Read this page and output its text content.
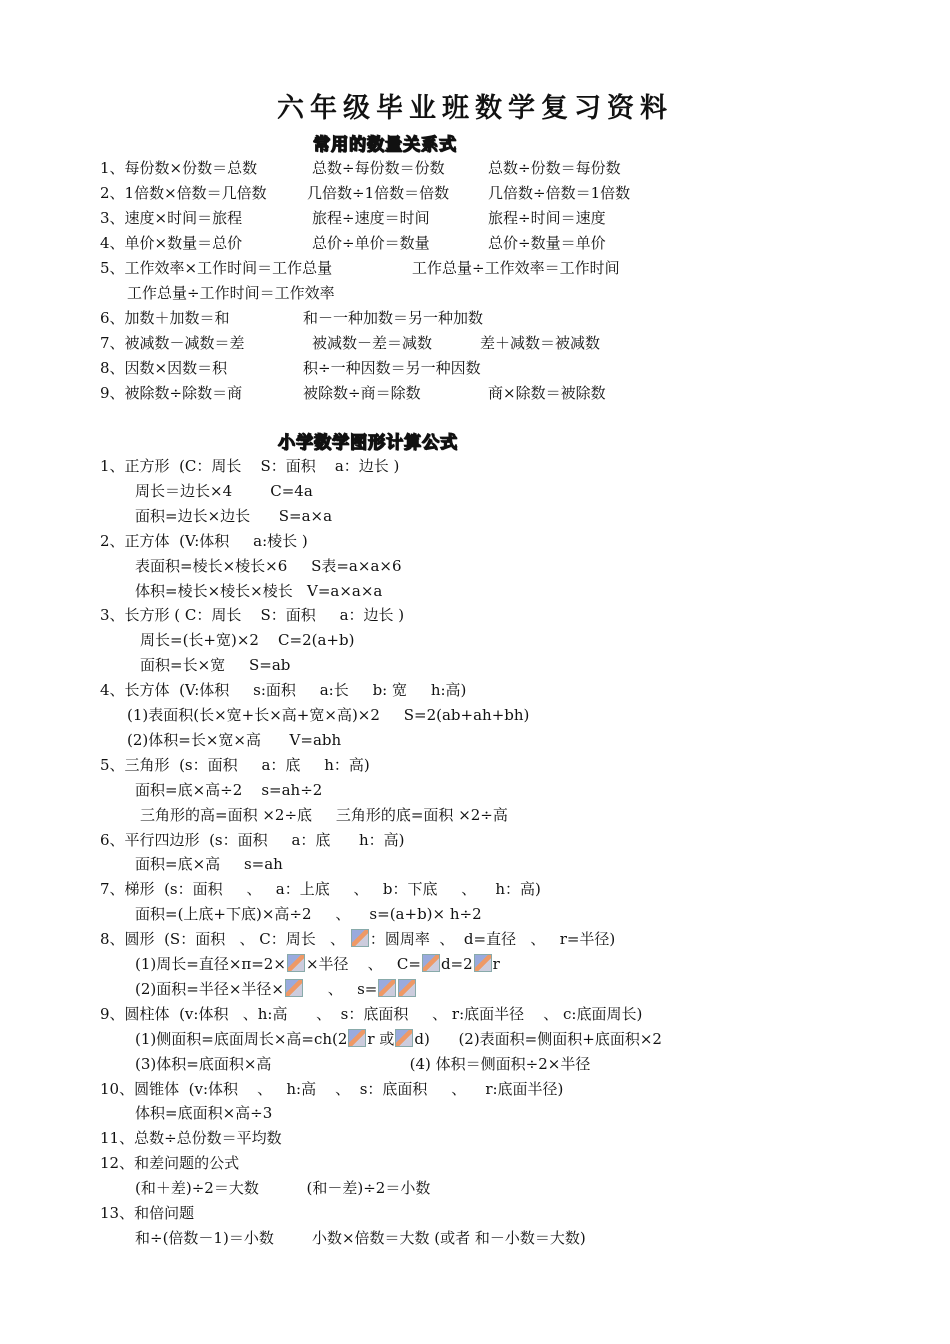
六年级毕业班数学复习资料
常用的数量关系式
1、每份数×份数＝总数	总数÷每份数＝份数	总数÷份数＝每份数
2、1倍数×倍数＝几倍数	几倍数÷1倍数＝倍数	几倍数÷倍数＝1倍数
3、速度×时间＝旅程	旅程÷速度＝时间	旅程÷时间＝速度
4、单价×数量＝总价	总价÷单价＝数量	总价÷数量＝单价
5、工作效率×工作时间＝工作总量	工作总量÷工作效率＝工作时间
工作总量÷工作时间＝工作效率
6、加数＋加数＝和	和－一种加数＝另一种加数
7、被减数－减数＝差	被减数－差＝减数	差＋减数＝被减数
8、因数×因数＝积	积÷一种因数＝另一种因数
9、被除数÷除数＝商	被除数÷商＝除数	商×除数＝被除数
小学数学图形计算公式
1、正方形  (C：周长    S：面积    a：边长 )
周长＝边长×4        C=4a
面积=边长×边长      S=a×a
2、正方体  (V:体积     a:棱长 )
表面积=棱长×棱长×6     S表=a×a×6
体积=棱长×棱长×棱长   V=a×a×a
3、长方形 ( C：周长    S：面积     a：边长 )
周长=(长+宽)×2    C=2(a+b)
面积=长×宽     S=ab
4、长方体  (V:体积     s:面积     a:长     b: 宽     h:高)
(1)表面积(长×宽+长×高+宽×高)×2     S=2(ab+ah+bh)
(2)体积=长×宽×高      V=abh
5、三角形  (s：面积     a：底     h：高)
面积=底×高÷2    s=ah÷2
三角形的高=面积 ×2÷底     三角形的底=面积 ×2÷高
6、平行四边形  (s：面积     a：底      h：高)
面积=底×高     s=ah
7、梯形  (s：面积     、   a：上底     、   b：下底     、    h：高)
面积=(上底+下底)×高÷2     、    s=(a+b)× h÷2
8、圆形  (S：面积   、 C：周长   、 ：圆周率  、  d=直径   、   r=半径)
(1)周长=直径×π=2× ×半径    、   C= d=2 r
(2)面积=半径×半径×     、   s=
9、圆柱体  (v:体积   、h:高      、  s：底面积     、 r:底面半径    、 c:底面周长)
(1)侧面积=底面周长×高=ch(2 r 或 d)      (2)表面积=侧面积+底面积×2
(3)体积=底面积×高                             (4) 体积＝侧面积÷2×半径
10、圆锥体  (v:体积    、   h:高    、  s：底面积     、    r:底面半径)
体积=底面积×高÷3
11、总数÷总份数＝平均数
12、和差问题的公式
(和＋差)÷2＝大数          (和－差)÷2＝小数
13、和倍问题
和÷(倍数－1)＝小数        小数×倍数＝大数 (或者 和－小数＝大数)
